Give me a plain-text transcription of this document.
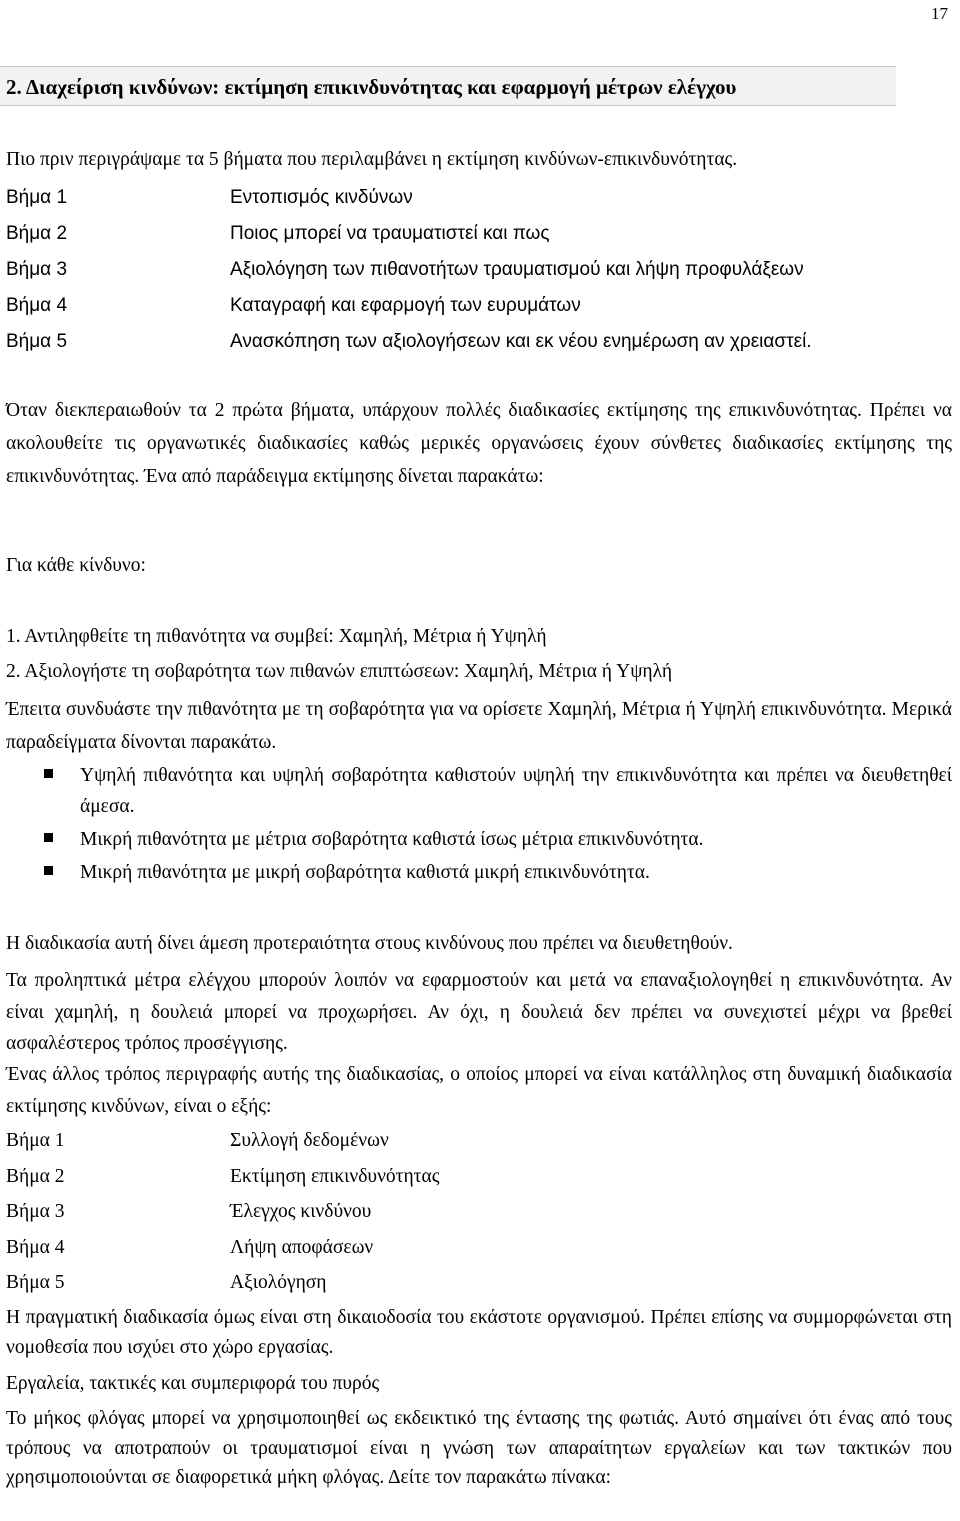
17
2. Διαχείριση κινδύνων: εκτίμηση επικινδυνότητας και εφαρμογή μέτρων ελέγχου
Πιο πριν περιγράψαμε τα 5 βήματα που περιλαμβάνει η εκτίμηση κινδύνων-επικινδυνότητας.
Βήμα 1	Εντοπισμός κινδύνων
Βήμα 2	Ποιος μπορεί να τραυματιστεί και πως
Βήμα 3	Αξιολόγηση των πιθανοτήτων τραυματισμού και λήψη προφυλάξεων
Βήμα 4	Καταγραφή και εφαρμογή των ευρυμάτων
Βήμα 5	Ανασκόπηση των αξιολογήσεων και εκ νέου ενημέρωση αν χρειαστεί.
Όταν διεκπεραιωθούν τα 2 πρώτα βήματα, υπάρχουν πολλές διαδικασίες εκτίμησης της επικινδυνότητας. Πρέπει να ακολουθείτε τις οργανωτικές διαδικασίες καθώς μερικές οργανώσεις έχουν σύνθετες διαδικασίες εκτίμησης της επικινδυνότητας. Ένα από παράδειγμα εκτίμησης δίνεται παρακάτω:
Για κάθε κίνδυνο:
1. Αντιληφθείτε τη πιθανότητα να συμβεί: Χαμηλή, Μέτρια ή Υψηλή
2. Αξιολογήστε τη σοβαρότητα των πιθανών επιπτώσεων: Χαμηλή, Μέτρια ή Υψηλή
Έπειτα συνδυάστε την πιθανότητα με τη σοβαρότητα για να ορίσετε Χαμηλή, Μέτρια ή Υψηλή επικινδυνότητα. Μερικά παραδείγματα δίνονται παρακάτω.
Υψηλή πιθανότητα και υψηλή σοβαρότητα καθιστούν υψηλή την επικινδυνότητα και πρέπει να διευθετηθεί άμεσα.
Μικρή πιθανότητα με μέτρια σοβαρότητα καθιστά ίσως μέτρια επικινδυνότητα.
Μικρή πιθανότητα με μικρή σοβαρότητα καθιστά μικρή επικινδυνότητα.
Η διαδικασία αυτή δίνει άμεση προτεραιότητα στους κινδύνους που πρέπει να διευθετηθούν.
Τα προληπτικά μέτρα ελέγχου μπορούν λοιπόν να εφαρμοστούν και μετά να επαναξιολογηθεί η επικινδυνότητα. Αν είναι χαμηλή, η δουλειά μπορεί να προχωρήσει. Αν όχι, η δουλειά δεν πρέπει να συνεχιστεί μέχρι να βρεθεί ασφαλέστερος τρόπος προσέγγισης.
Ένας άλλος τρόπος περιγραφής αυτής της διαδικασίας, ο οποίος μπορεί να είναι κατάλληλος στη δυναμική διαδικασία εκτίμησης κινδύνων, είναι ο εξής:
Βήμα 1	Συλλογή δεδομένων
Βήμα 2	Εκτίμηση επικινδυνότητας
Βήμα 3	Έλεγχος κινδύνου
Βήμα 4	Λήψη αποφάσεων
Βήμα 5	Αξιολόγηση
Η πραγματική διαδικασία όμως είναι στη δικαιοδοσία του εκάστοτε οργανισμού. Πρέπει επίσης να συμμορφώνεται στη νομοθεσία που ισχύει στο χώρο εργασίας.
Εργαλεία, τακτικές και συμπεριφορά του πυρός
Το μήκος φλόγας μπορεί να χρησιμοποιηθεί ως εκδεικτικό της έντασης της φωτιάς. Αυτό σημαίνει ότι ένας από τους τρόπους να αποτραπούν οι τραυματισμοί είναι η γνώση των απαραίτητων εργαλείων και των τακτικών που χρησιμοποιούνται σε διαφορετικά μήκη φλόγας. Δείτε τον παρακάτω πίνακα:
